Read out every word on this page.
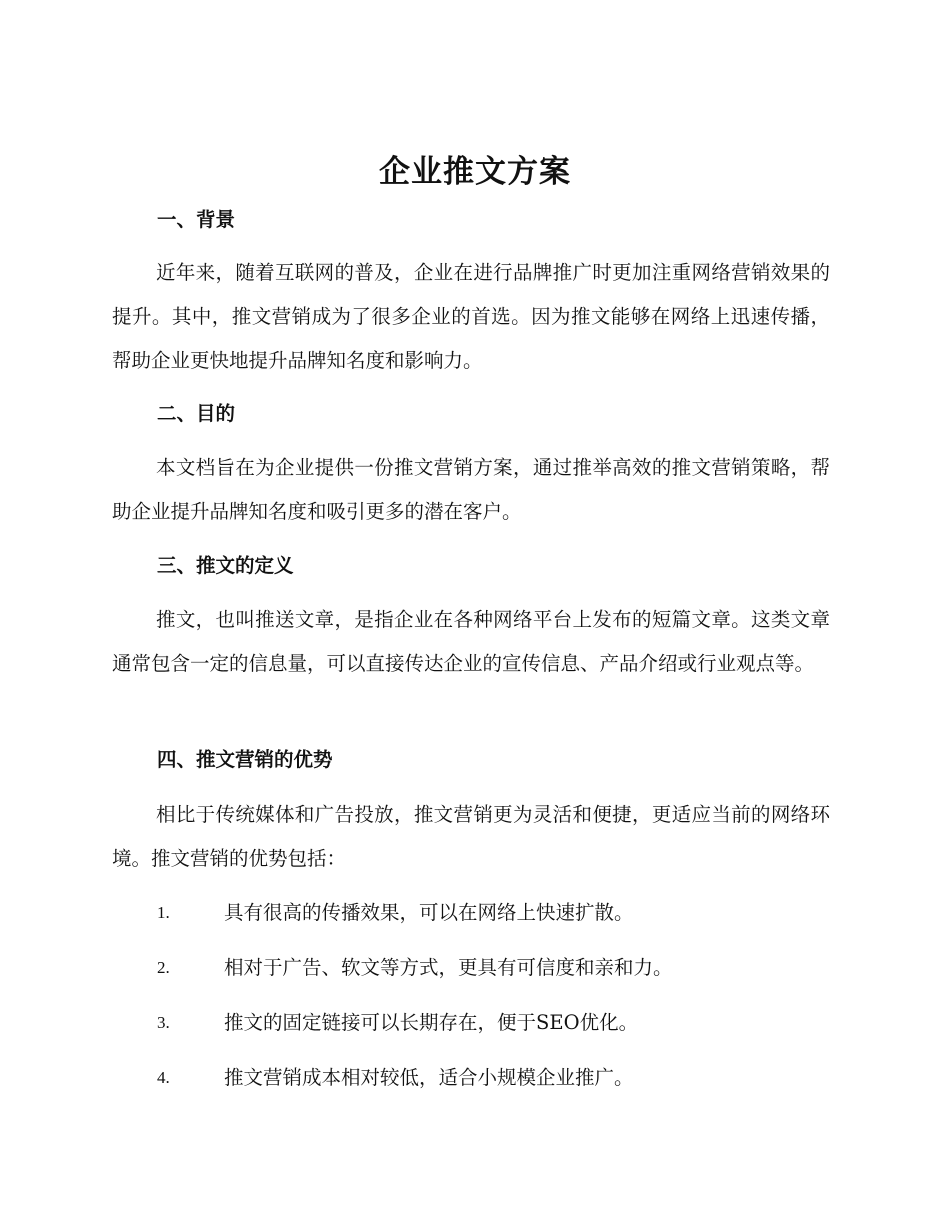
企业推文方案
一、背景

近年来，随着互联网的普及，企业在进行品牌推广时更加注重网络营销效果的提升。其中，推文营销成为了很多企业的首选。因为推文能够在网络上迅速传播，帮助企业更快地提升品牌知名度和影响力。

二、目的

本文档旨在为企业提供一份推文营销方案，通过推举高效的推文营销策略，帮助企业提升品牌知名度和吸引更多的潜在客户。

三、推文的定义

推文，也叫推送文章，是指企业在各种网络平台上发布的短篇文章。这类文章通常包含一定的信息量，可以直接传达企业的宣传信息、产品介绍或行业观点等。

四、推文营销的优势

相比于传统媒体和广告投放，推文营销更为灵活和便捷，更适应当前的网络环境。推文营销的优势包括：

1.	具有很高的传播效果，可以在网络上快速扩散。
2.	相对于广告、软文等方式，更具有可信度和亲和力。
3.	推文的固定链接可以长期存在，便于SEO优化。
4.	推文营销成本相对较低，适合小规模企业推广。
